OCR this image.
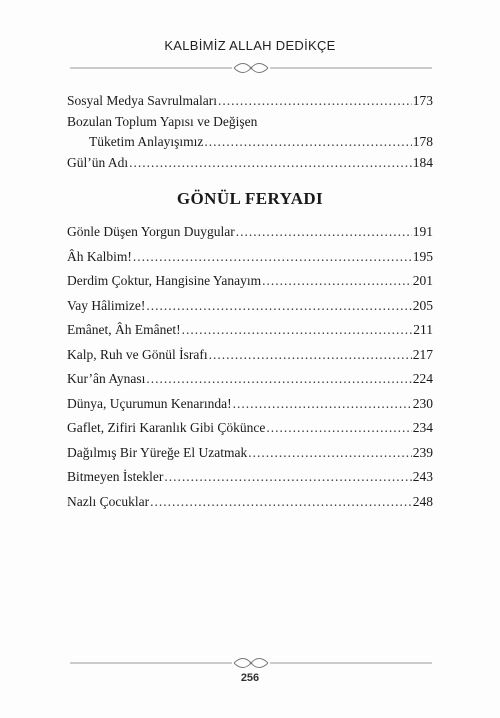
KALBİMİZ ALLAH DEDİKÇE
Sosyal Medya Savrulmaları .....	173
Bozulan Toplum Yapısı ve Değişen
Tüketim Anlayışımız .....	178
Gül’ün Adı .....	184
GÖNÜL FERYADI
Gönle Düşen Yorgun Duygular .....	191
Âh Kalbim! .....	195
Derdim Çoktur, Hangisine Yanayım .....	201
Vay Hâlimize! .....	205
Emânet, Âh Emânet! .....	211
Kalp, Ruh ve Gönül İsrafı .....	217
Kur’ân Aynası .....	224
Dünya, Uçurumun Kenarında! .....	230
Gaflet, Zifiri Karanlık Gibi Çökünce .....	234
Dağılmış Bir Yüreğe El Uzatmak .....	239
Bitmeyen İstekler .....	243
Nazlı Çocuklar .....	248
256
